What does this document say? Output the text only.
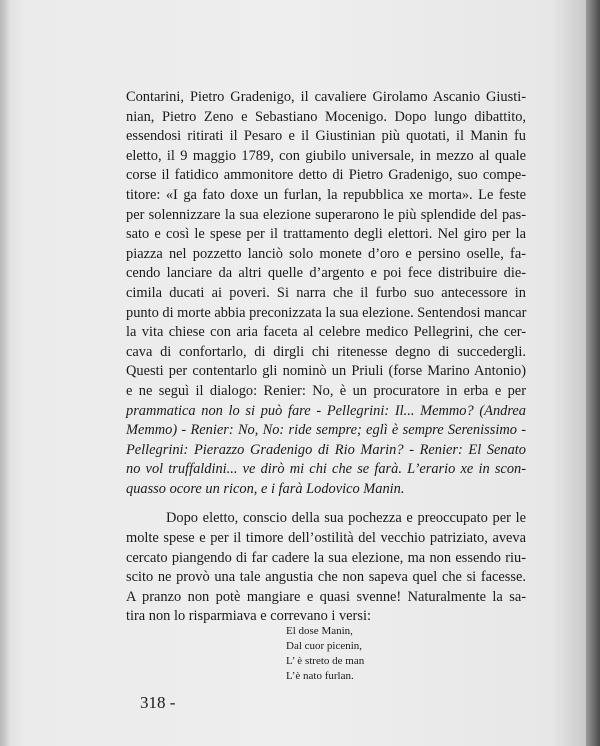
Contarini, Pietro Gradenigo, il cavaliere Girolamo Ascanio Giusti-
nian, Pietro Zeno e Sebastiano Mocenigo. Dopo lungo dibattito,
essendosi ritirati il Pesaro e il Giustinian più quotati, il Manin fu
eletto, il 9 maggio 1789, con giubilo universale, in mezzo al quale
corse il fatidico ammonitore detto di Pietro Gradenigo, suo compe-
titore: «I ga fato doxe un furlan, la repubblica xe morta». Le feste
per solennizzare la sua elezione superarono le più splendide del pas-
sato e così le spese per il trattamento degli elettori. Nel giro per la
piazza nel pozzetto lanciò solo monete d’oro e persino oselle, fa-
cendo lanciare da altri quelle d’argento e poi fece distribuire die-
cimila ducati ai poveri. Si narra che il furbo suo antecessore in
punto di morte abbia preconizzata la sua elezione. Sentendosi mancar
la vita chiese con aria faceta al celebre medico Pellegrini, che cer-
cava di confortarlo, di dirgli chi ritenesse degno di succedergli.
Questi per contentarlo gli nominò un Priuli (forse Marino Antonio)
e ne seguì il dialogo: Renier: No, è un procuratore in erba e per
prammatica non lo si può fare - Pellegrini: Il... Memmo? (Andrea
Memmo) - Renier: No, No: ride sempre; eglì è sempre Serenissimo -
Pellegrini: Pierazzo Gradenigo di Rio Marin? - Renier: El Senato
no vol truffaldini... ve dirò mi chi che se farà. L’erario xe in scon-
quasso ocore un ricon, e i farà Lodovico Manin.
Dopo eletto, conscio della sua pochezza e preoccupato per le
molte spese e per il timore dell’ostilità del vecchio patriziato, aveva
cercato piangendo di far cadere la sua elezione, ma non essendo riu-
scito ne provò una tale angustia che non sapeva quel che si facesse.
A pranzo non potè mangiare e quasi svenne! Naturalmente la sa-
tira non lo risparmiava e correvano i versi:
El dose Manin,
Dal cuor picenin,
L’ è streto de man
L’è nato furlan.
318 -
